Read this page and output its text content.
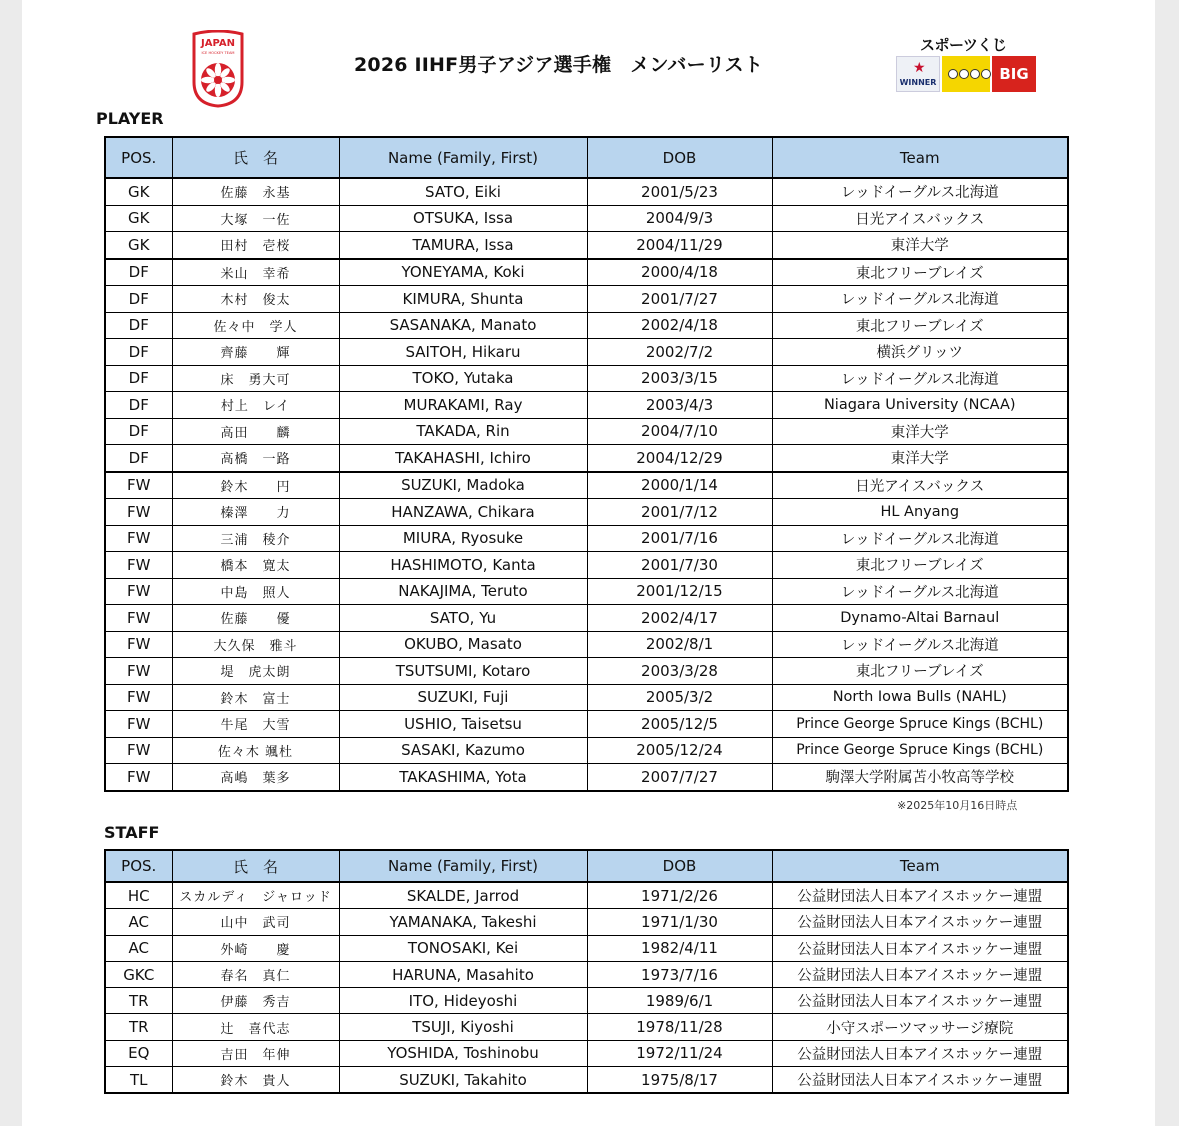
JAPAN
ICE HOCKEY TEAM
2026 IIHF男子アジア選手権　メンバーリスト
スポーツくじ
★
WINNER	BIG
PLAYER
POS.	氏　名	Name (Family, First)	DOB	Team
GK	佐藤　永基	SATO, Eiki	2001/5/23	レッドイーグルス北海道
GK	大塚　一佐	OTSUKA, Issa	2004/9/3	日光アイスバックス
GK	田村　壱桜	TAMURA, Issa	2004/11/29	東洋大学
DF	米山　幸希	YONEYAMA, Koki	2000/4/18	東北フリーブレイズ
DF	木村　俊太	KIMURA, Shunta	2001/7/27	レッドイーグルス北海道
DF	佐々中　学人	SASANAKA, Manato	2002/4/18	東北フリーブレイズ
DF	齊藤　　輝	SAITOH, Hikaru	2002/7/2	横浜グリッツ
DF	床　勇大可	TOKO, Yutaka	2003/3/15	レッドイーグルス北海道
DF	村上　レイ	MURAKAMI, Ray	2003/4/3	Niagara University (NCAA)
DF	高田　　麟	TAKADA, Rin	2004/7/10	東洋大学
DF	高橋　一路	TAKAHASHI, Ichiro	2004/12/29	東洋大学
FW	鈴木　　円	SUZUKI, Madoka	2000/1/14	日光アイスバックス
FW	榛澤　　力	HANZAWA, Chikara	2001/7/12	HL Anyang
FW	三浦　稜介	MIURA, Ryosuke	2001/7/16	レッドイーグルス北海道
FW	橋本　寛太	HASHIMOTO, Kanta	2001/7/30	東北フリーブレイズ
FW	中島　照人	NAKAJIMA, Teruto	2001/12/15	レッドイーグルス北海道
FW	佐藤　　優	SATO, Yu	2002/4/17	Dynamo-Altai Barnaul
FW	大久保　雅斗	OKUBO, Masato	2002/8/1	レッドイーグルス北海道
FW	堤　虎太朗	TSUTSUMI, Kotaro	2003/3/28	東北フリーブレイズ
FW	鈴木　富士	SUZUKI, Fuji	2005/3/2	North Iowa Bulls (NAHL)
FW	牛尾　大雪	USHIO, Taisetsu	2005/12/5	Prince George Spruce Kings (BCHL)
FW	佐々木 颯杜	SASAKI, Kazumo	2005/12/24	Prince George Spruce Kings (BCHL)
FW	高嶋　葉多	TAKASHIMA, Yota	2007/7/27	駒澤大学附属苫小牧高等学校
※2025年10月16日時点
STAFF
POS.	氏　名	Name (Family, First)	DOB	Team
HC	スカルディ　ジャロッド	SKALDE, Jarrod	1971/2/26	公益財団法人日本アイスホッケー連盟
AC	山中　武司	YAMANAKA, Takeshi	1971/1/30	公益財団法人日本アイスホッケー連盟
AC	外崎　　慶	TONOSAKI, Kei	1982/4/11	公益財団法人日本アイスホッケー連盟
GKC	春名　真仁	HARUNA, Masahito	1973/7/16	公益財団法人日本アイスホッケー連盟
TR	伊藤　秀吉	ITO, Hideyoshi	1989/6/1	公益財団法人日本アイスホッケー連盟
TR	辻　喜代志	TSUJI, Kiyoshi	1978/11/28	小守スポーツマッサージ療院
EQ	吉田　年伸	YOSHIDA, Toshinobu	1972/11/24	公益財団法人日本アイスホッケー連盟
TL	鈴木　貴人	SUZUKI, Takahito	1975/8/17	公益財団法人日本アイスホッケー連盟
